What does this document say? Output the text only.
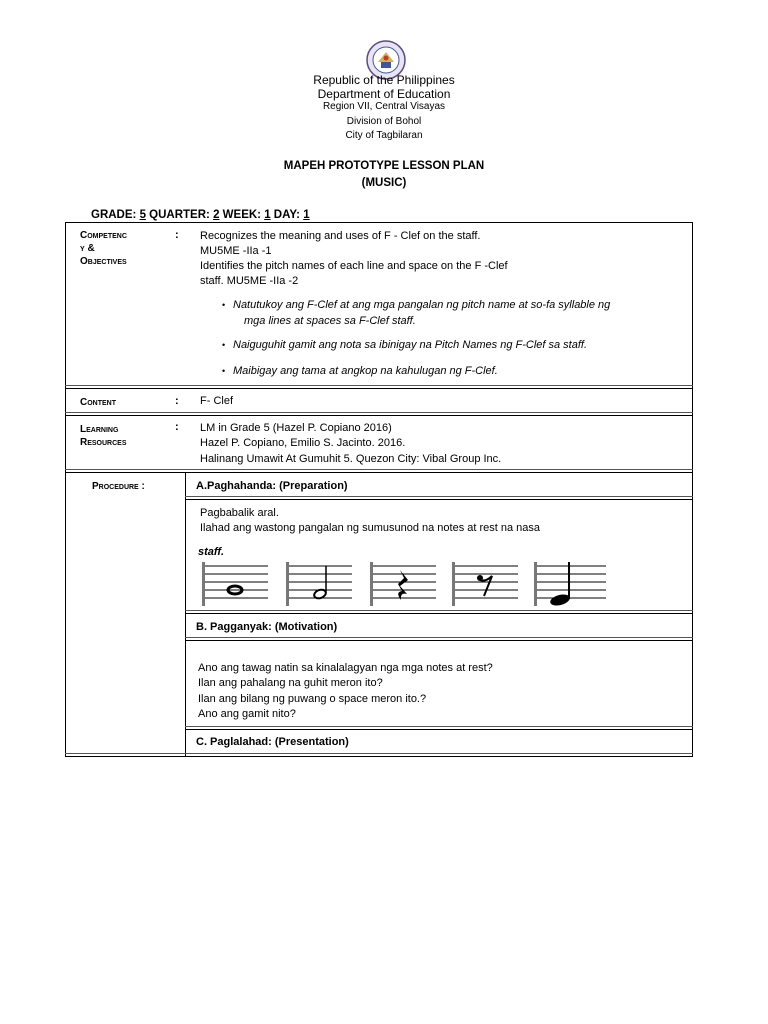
Republic of the Philippines
Department of Education
Region VII, Central Visayas
Division of Bohol
City of Tagbilaran
MAPEH PROTOTYPE LESSON PLAN
(MUSIC)
GRADE: 5 QUARTER: 2 WEEK: 1 DAY: 1
Competenc
y &
Objectives
: Recognizes the meaning and uses of F - Clef on the staff.
MU5ME -IIa -1
Identifies the pitch names of each line and space on the F -Clef
staff. MU5ME -IIa -2
• Natutukoy ang F-Clef at ang mga pangalan ng pitch name at so-fa syllable ng
mga lines at spaces sa F-Clef staff.
• Naiguguhit gamit ang nota sa ibinigay na Pitch Names ng F-Clef sa staff.
• Maibigay ang tama at angkop na kahulugan ng F-Clef.
Content	: F- Clef
Learning
Resources
: LM in Grade 5 (Hazel P. Copiano 2016)
Hazel P. Copiano, Emilio S. Jacinto. 2016.
Halinang Umawit At Gumuhit 5. Quezon City: Vibal Group Inc.
Procedure :	A.Paghahanda: (Preparation)
Pagbabalik aral.
Ilahad ang wastong pangalan ng sumusunod na notes at rest na nasa
staff.
B. Pagganyak: (Motivation)
Ano ang tawag natin sa kinalalagyan nga mga notes at rest?
Ilan ang pahalang na guhit meron ito?
Ilan ang bilang ng puwang o space meron ito.?
Ano ang gamit nito?
C. Paglalahad: (Presentation)
